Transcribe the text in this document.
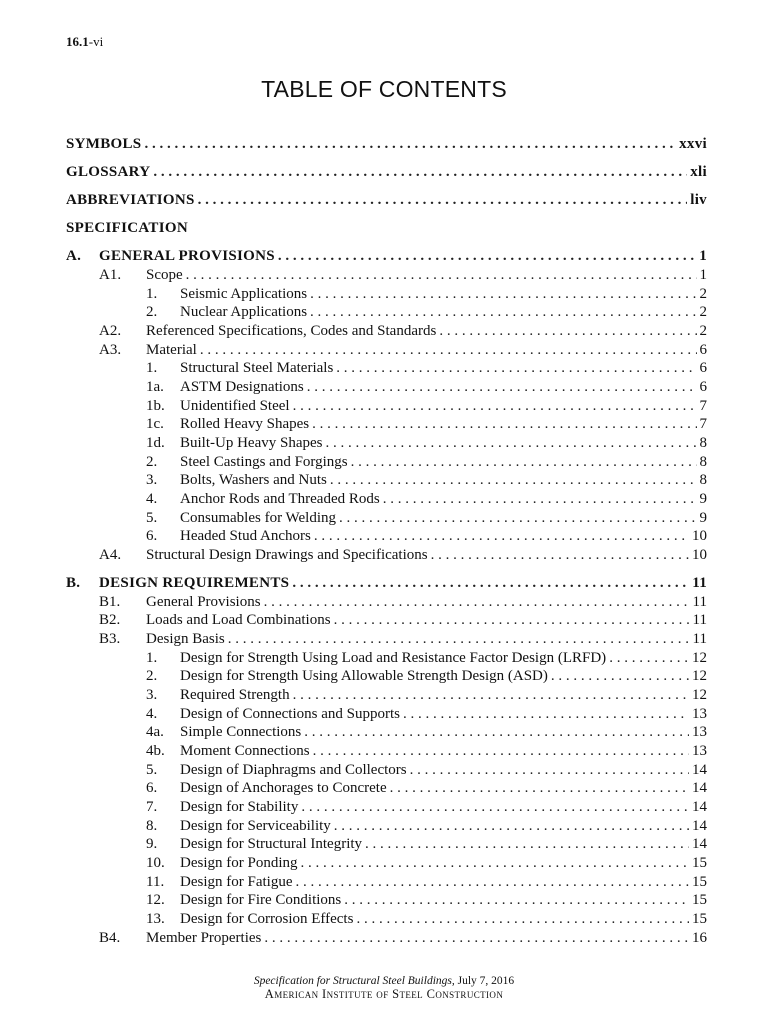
16.1-vi
TABLE OF CONTENTS
SYMBOLS . . .	xxvi
GLOSSARY . . .	xli
ABBREVIATIONS . . .	liv
SPECIFICATION
A. GENERAL PROVISIONS . . .	1
A1. Scope . . .	1
1. Seismic Applications . . .	2
2. Nuclear Applications . . .	2
A2. Referenced Specifications, Codes and Standards . . .	2
A3. Material . . .	6
1. Structural Steel Materials . . .	6
1a. ASTM Designations . . .	6
1b. Unidentified Steel . . .	7
1c. Rolled Heavy Shapes . . .	7
1d. Built-Up Heavy Shapes . . .	8
2. Steel Castings and Forgings . . .	8
3. Bolts, Washers and Nuts . . .	8
4. Anchor Rods and Threaded Rods . . .	9
5. Consumables for Welding . . .	9
6. Headed Stud Anchors . . .	10
A4. Structural Design Drawings and Specifications . . .	10
B. DESIGN REQUIREMENTS . . .	11
B1. General Provisions . . .	11
B2. Loads and Load Combinations . . .	11
B3. Design Basis . . .	11
1. Design for Strength Using Load and Resistance Factor Design (LRFD) . . .	12
2. Design for Strength Using Allowable Strength Design (ASD) . . .	12
3. Required Strength . . .	12
4. Design of Connections and Supports . . .	13
4a. Simple Connections . . .	13
4b. Moment Connections . . .	13
5. Design of Diaphragms and Collectors . . .	14
6. Design of Anchorages to Concrete . . .	14
7. Design for Stability . . .	14
8. Design for Serviceability . . .	14
9. Design for Structural Integrity . . .	14
10. Design for Ponding . . .	15
11. Design for Fatigue . . .	15
12. Design for Fire Conditions . . .	15
13. Design for Corrosion Effects . . .	15
B4. Member Properties . . .	16
Specification for Structural Steel Buildings, July 7, 2016
American Institute of Steel Construction
